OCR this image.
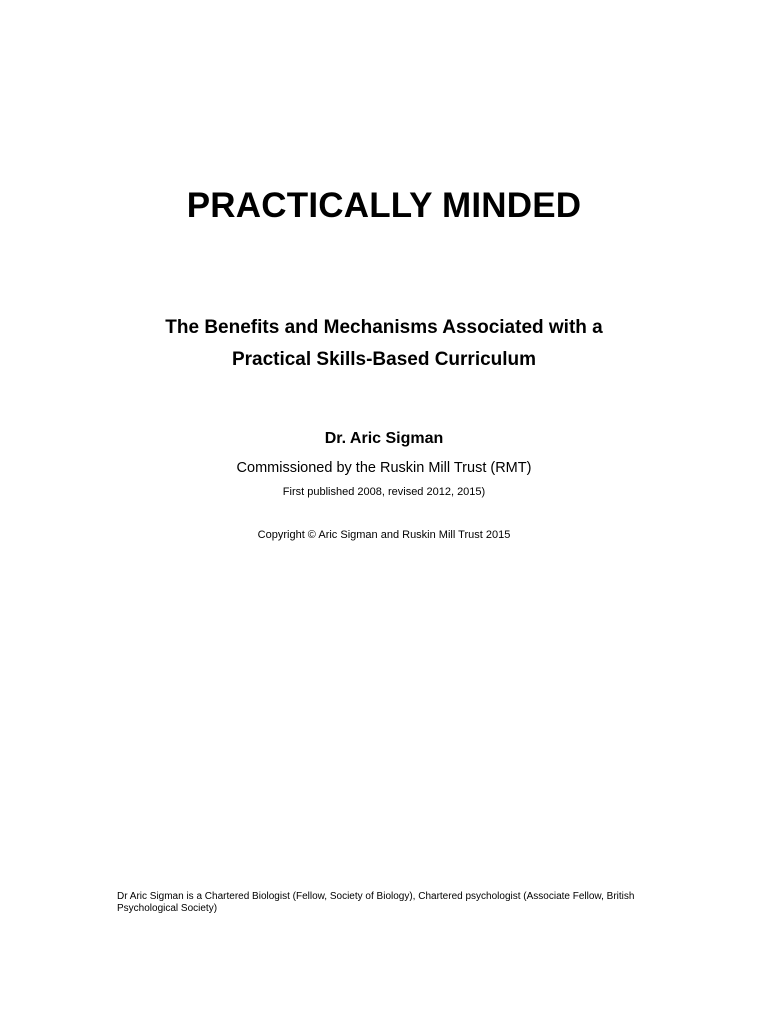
PRACTICALLY MINDED
The Benefits and Mechanisms Associated with a
Practical Skills-Based Curriculum

Dr. Aric Sigman

Commissioned by the Ruskin Mill Trust (RMT)

First published 2008, revised 2012, 2015)

Copyright © Aric Sigman and Ruskin Mill Trust 2015

Dr Aric Sigman is a Chartered Biologist (Fellow, Society of Biology), Chartered psychologist (Associate Fellow, British Psychological Society)
